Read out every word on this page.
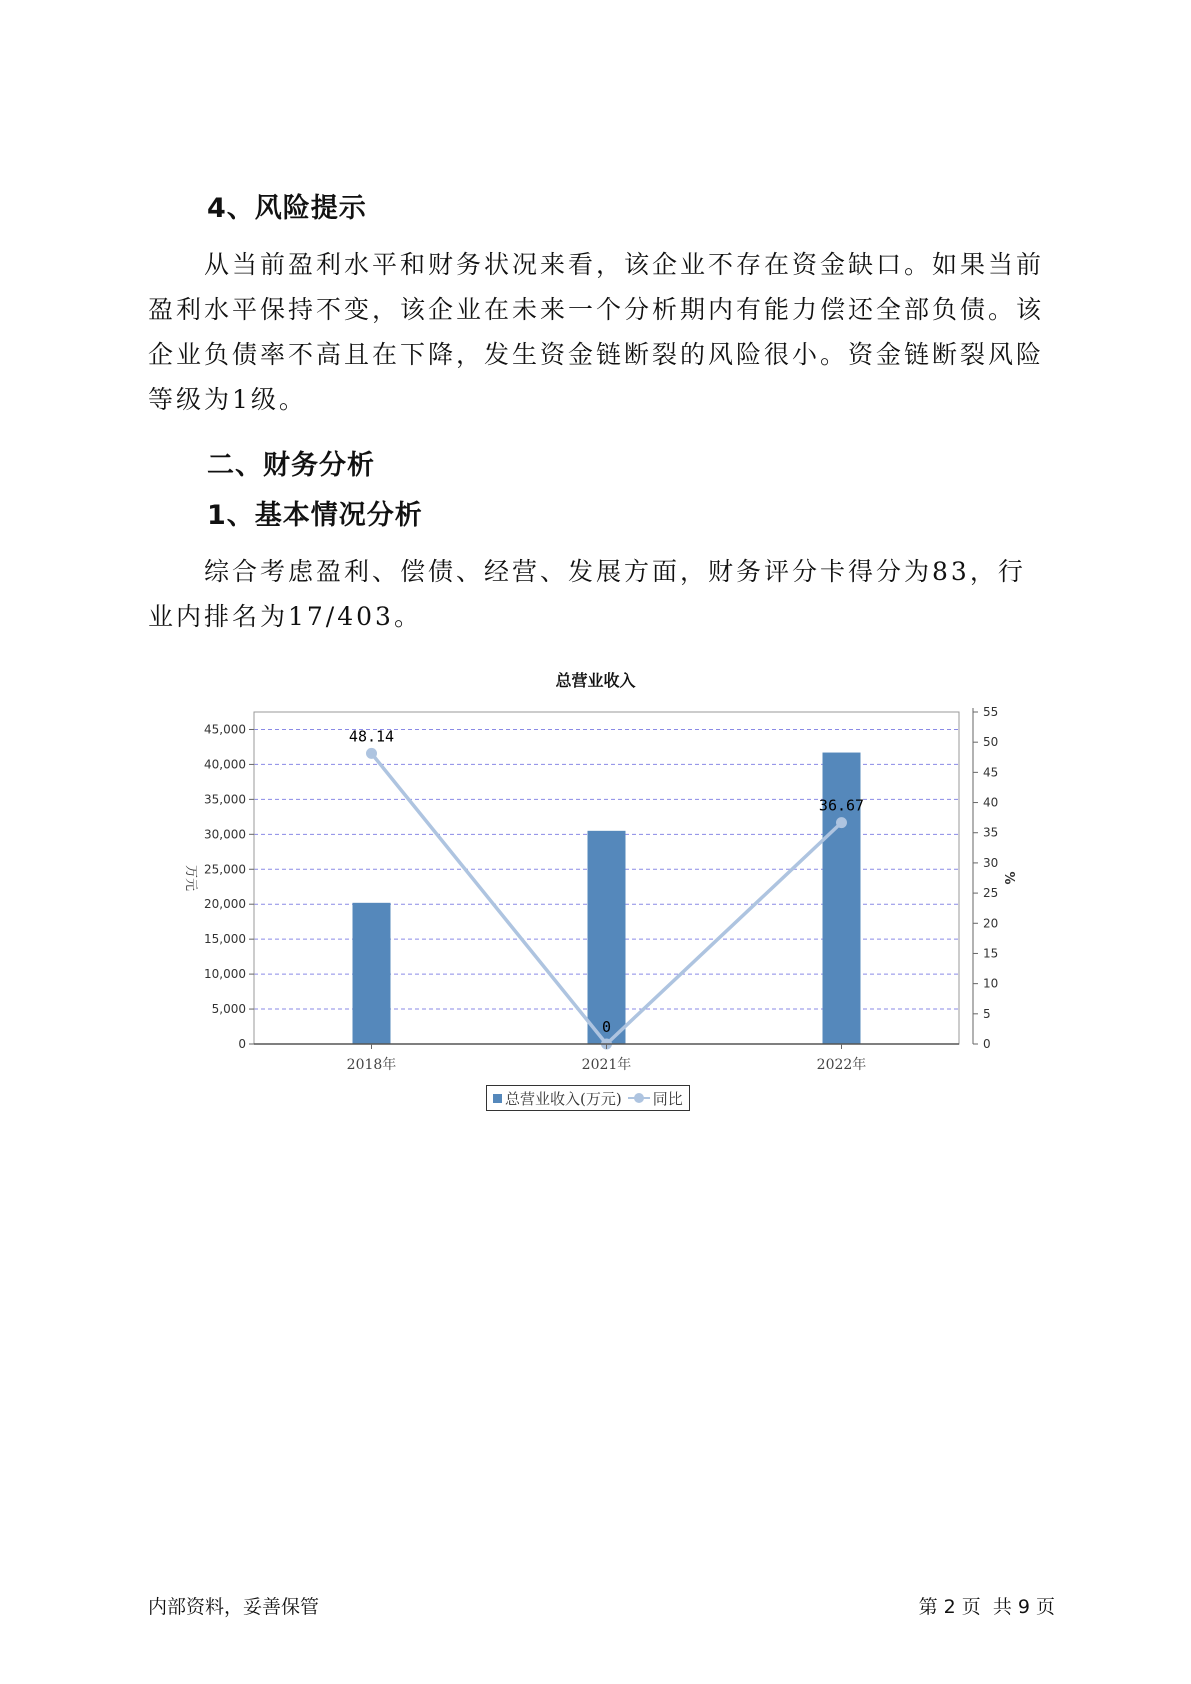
4、风险提示
从当前盈利水平和财务状况来看，该企业不存在资金缺口。如果当前盈利水平保持不变，该企业在未来一个分析期内有能力偿还全部负债。该企业负债率不高且在下降，发生资金链断裂的风险很小。资金链断裂风险等级为1级。
二、财务分析
1、基本情况分析
综合考虑盈利、偿债、经营、发展方面，财务评分卡得分为83，行业内排名为17/403。
总营业收入
48.14
0
36.67
0
5,000
10,000
15,000
20,000
25,000
30,000
35,000
40,000
45,000
0
5
10
15
20
25
30
35
40
45
50
55
万元	%
2018年	2021年	2022年
总营业收入(万元) 同比
内部资料，妥善保管	第 2 页  共 9 页
